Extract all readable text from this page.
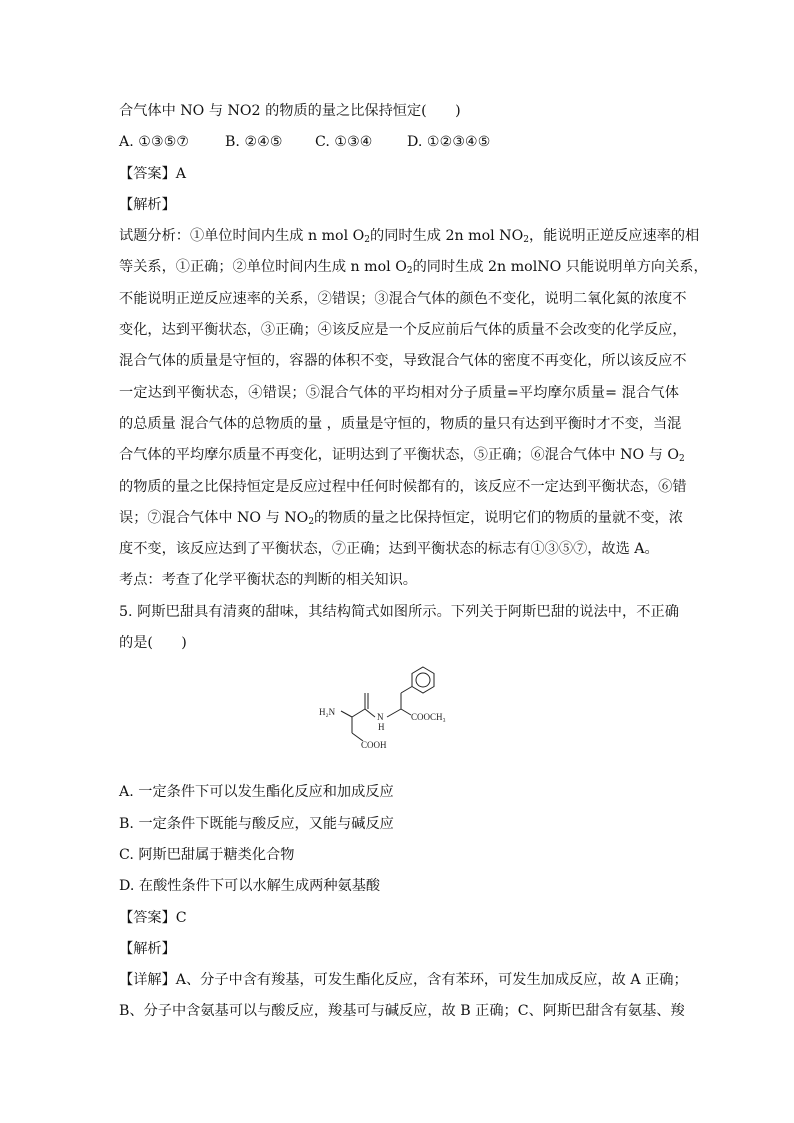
合气体中 NO 与 NO2 的物质的量之比保持恒定(　　)
A. ①③⑤⑦	B. ②④⑤ C. ①③④ D. ①②③④⑤
【答案】A
【解析】
试题分析：①单位时间内生成 n mol $O_2$的同时生成 2n mol $NO_2$，能说明正逆反应速率的相
等关系，①正确；②单位时间内生成 n mol $O_2$的同时生成 2n molNO 只能说明单方向关系，
不能说明正逆反应速率的关系，②错误；③混合气体的颜色不变化，说明二氧化氮的浓度不
变化，达到平衡状态，③正确；④该反应是一个反应前后气体的质量不会改变的化学反应，
混合气体的质量是守恒的，容器的体积不变，导致混合气体的密度不再变化，所以该反应不
一定达到平衡状态，④错误；⑤混合气体的平均相对分子质量=平均摩尔质量= 混合气体
的总质量 混合气体的总物质的量 ，质量是守恒的，物质的量只有达到平衡时才不变，当混
合气体的平均摩尔质量不再变化，证明达到了平衡状态，⑤正确；⑥混合气体中 NO 与 $O_2$
的物质的量之比保持恒定是反应过程中任何时候都有的，该反应不一定达到平衡状态，⑥错
误；⑦混合气体中 NO 与 $NO_2$的物质的量之比保持恒定，说明它们的物质的量就不变，浓
度不变，该反应达到了平衡状态，⑦正确；达到平衡状态的标志有①③⑤⑦，故选 A。
考点：考查了化学平衡状态的判断的相关知识。
5. 阿斯巴甜具有清爽的甜味，其结构简式如图所示。下列关于阿斯巴甜的说法中，不正确
的是(　　)
H₂N	N
H
COOCH₃
COOH
A. 一定条件下可以发生酯化反应和加成反应
B. 一定条件下既能与酸反应，又能与碱反应
C. 阿斯巴甜属于糖类化合物
D. 在酸性条件下可以水解生成两种氨基酸
【答案】C
【解析】
【详解】A、分子中含有羧基，可发生酯化反应，含有苯环，可发生加成反应，故 A 正确；
B、分子中含氨基可以与酸反应，羧基可与碱反应，故 B 正确；C、阿斯巴甜含有氨基、羧
